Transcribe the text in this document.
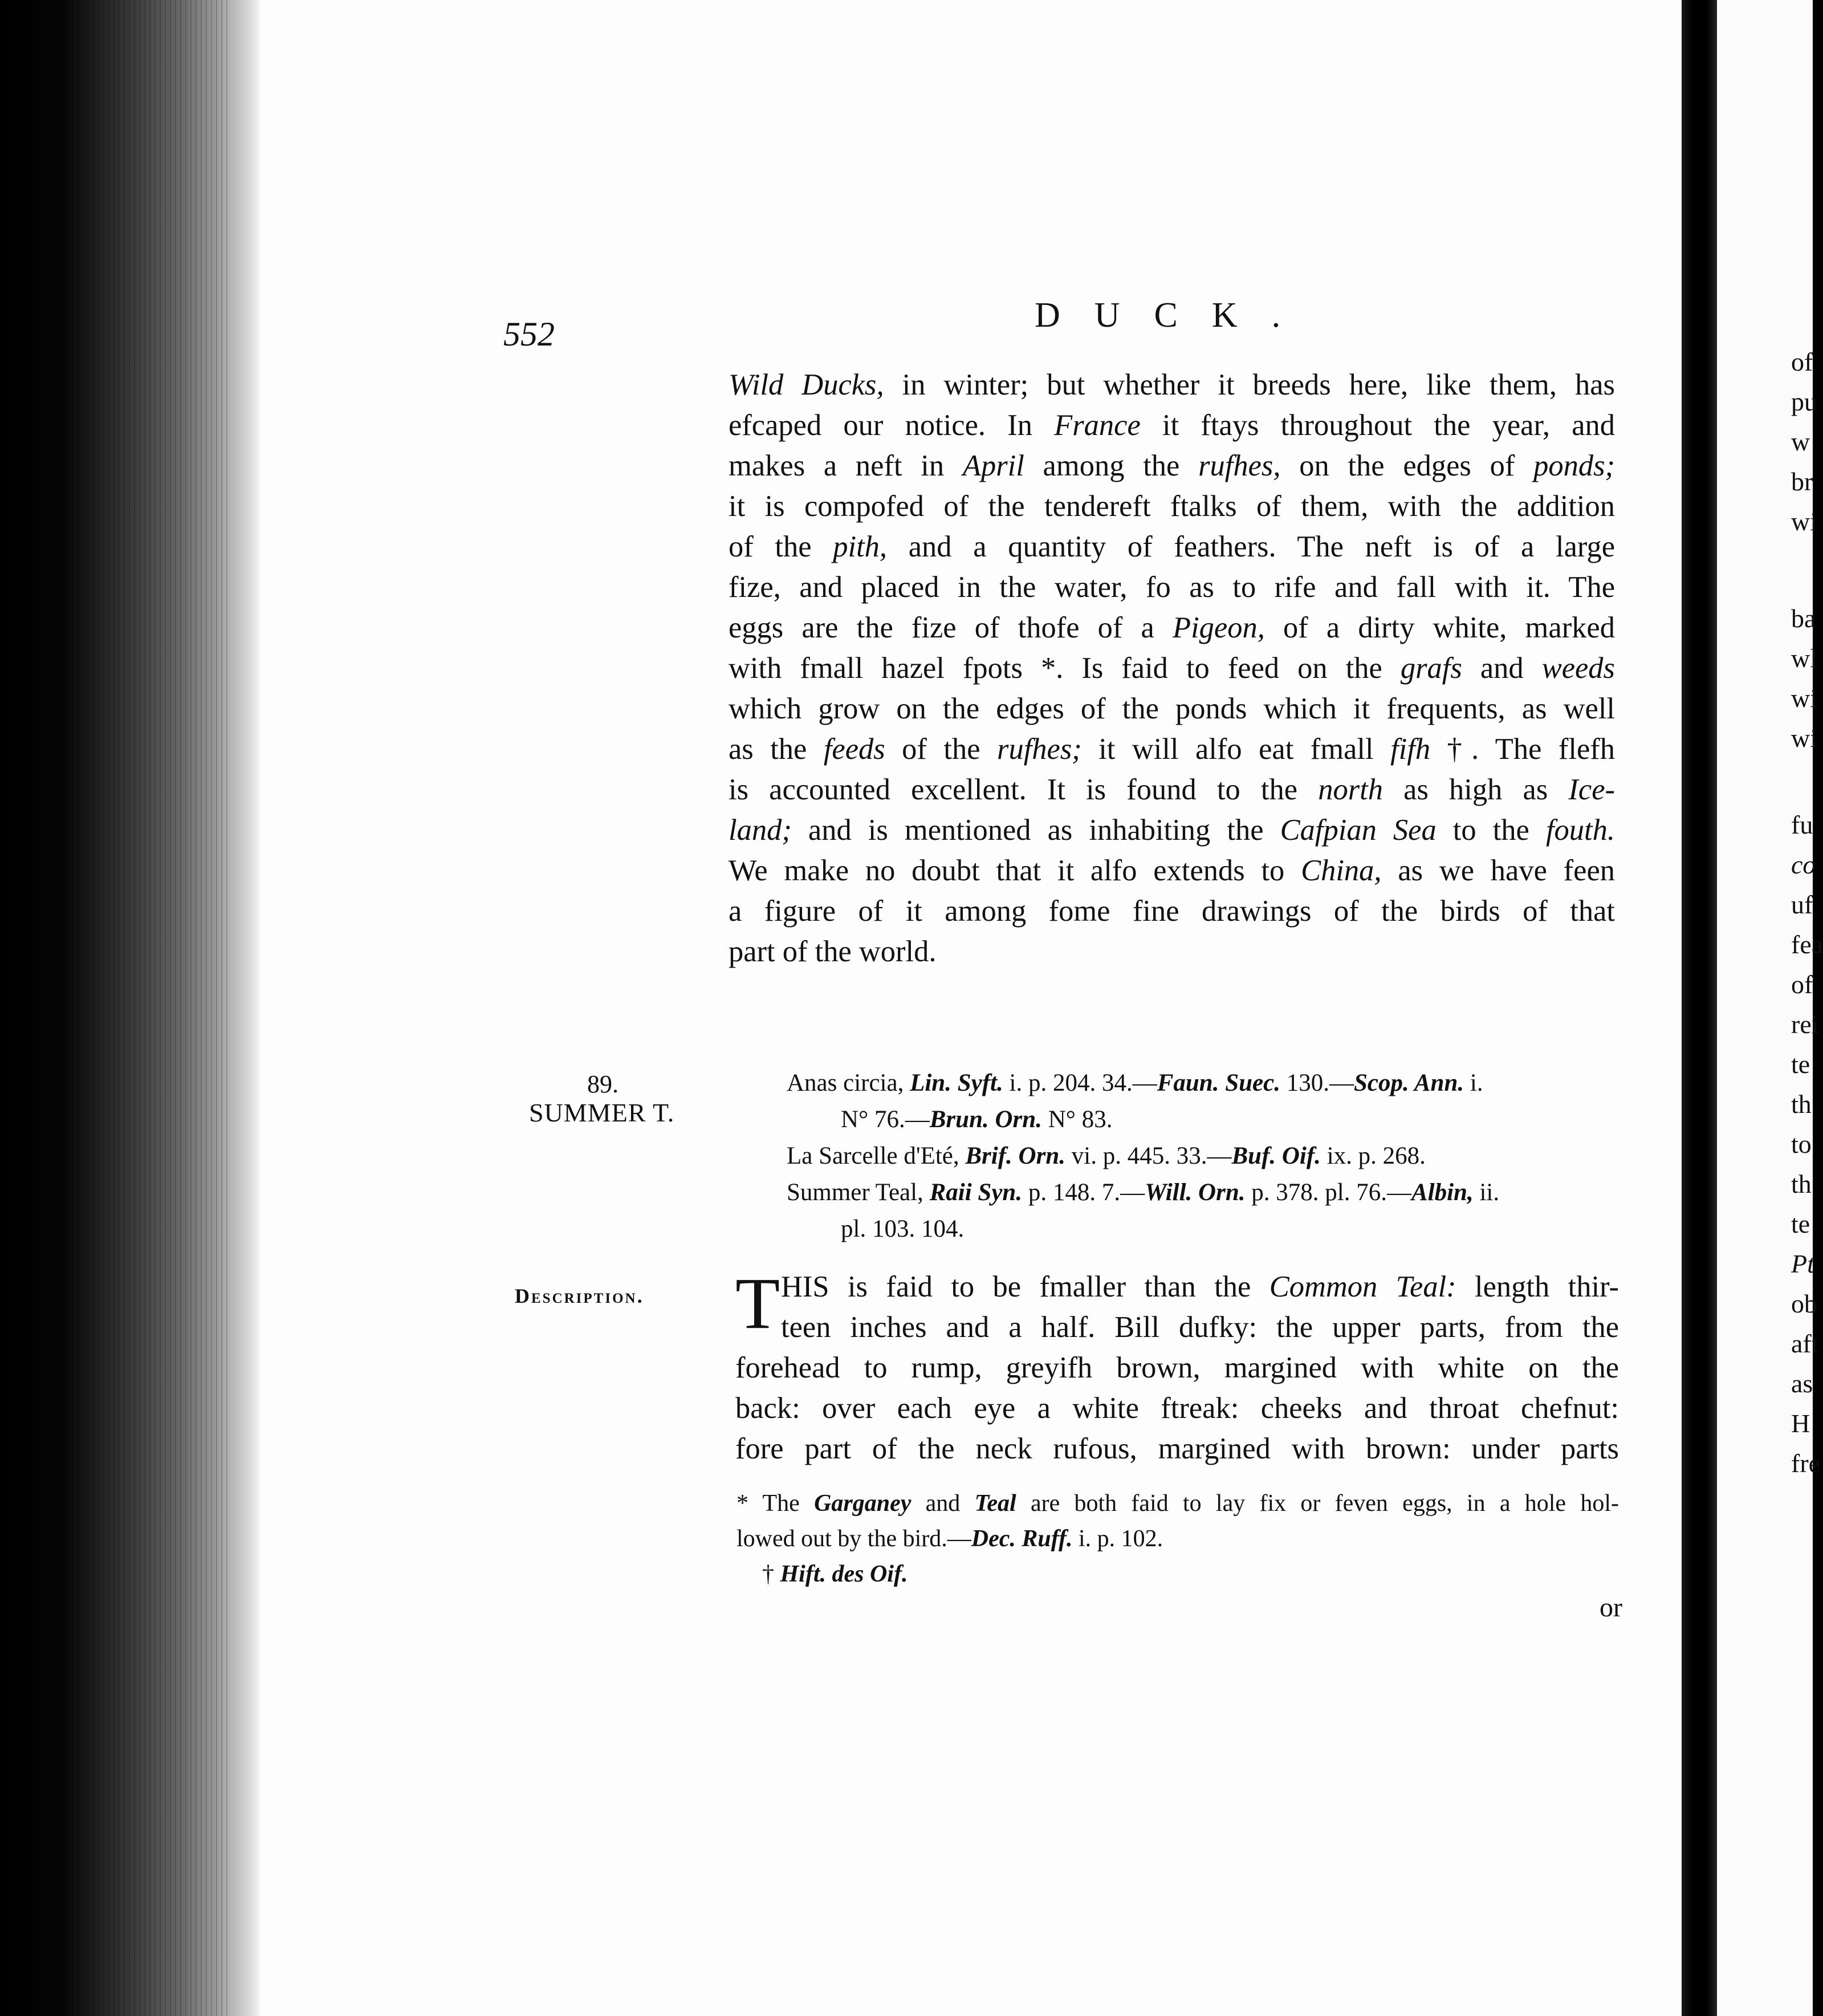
of
pu
w
br
wi
ba
wl
wi
wi
fu
co
uf
fea
of
rei
te
th
to
th
te
Pt
ob
aft
as
H
fre
552	DUCK.
Wild Ducks, in winter; but whether it breeds here, like them, has
efcaped our notice. In France it ftays throughout the year, and
makes a neft in April among the rufhes, on the edges of ponds;
it is compofed of the tendereft ftalks of them, with the addition
of the pith, and a quantity of feathers. The neft is of a large
fize, and placed in the water, fo as to rife and fall with it. The
eggs are the fize of thofe of a Pigeon, of a dirty white, marked
with fmall hazel fpots *. Is faid to feed on the grafs and weeds
which grow on the edges of the ponds which it frequents, as well
as the feeds of the rufhes; it will alfo eat fmall fifh †. The flefh
is accounted excellent. It is found to the north as high as Ice-
land; and is mentioned as inhabiting the Cafpian Sea to the fouth.
We make no doubt that it alfo extends to China, as we have feen
a figure of it among fome fine drawings of the birds of that
part of the world.
89.
SUMMER T.
Anas circia, Lin. Syft. i. p. 204. 34.—Faun. Suec. 130.—Scop. Ann. i.
N° 76.—Brun. Orn. N° 83.
La Sarcelle d'Eté, Brif. Orn. vi. p. 445. 33.—Buf. Oif. ix. p. 268.
Summer Teal, Raii Syn. p. 148. 7.—Will. Orn. p. 378. pl. 76.—Albin, ii.
pl. 103. 104.
Description. T HIS is faid to be fmaller than the Common Teal: length thir-
teen inches and a half. Bill dufky: the upper parts, from the
forehead to rump, greyifh brown, margined with white on the
back: over each eye a white ftreak: cheeks and throat chefnut:
fore part of the neck rufous, margined with brown: under parts
* The Garganey and Teal are both faid to lay fix or feven eggs, in a hole hol-
lowed out by the bird.—Dec. Ruff. i. p. 102.
† Hift. des Oif.
or
